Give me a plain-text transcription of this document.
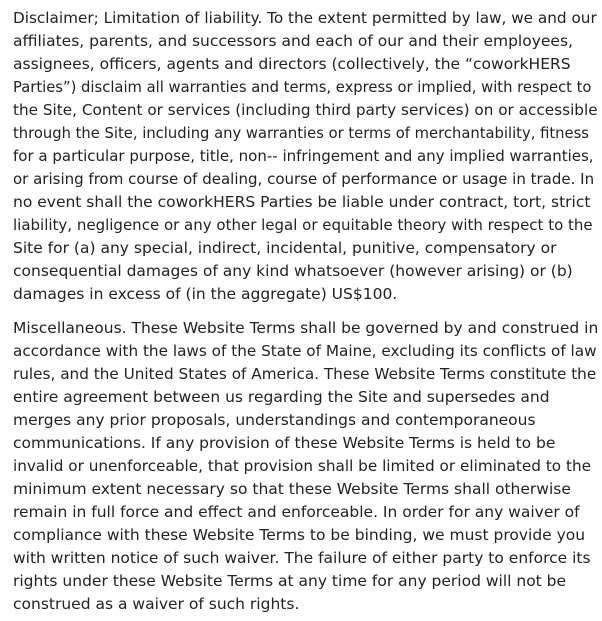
Disclaimer; Limitation of liability. To the extent permitted by law, we and our
affiliates, parents, and successors and each of our and their employees,
assignees, officers, agents and directors (collectively, the “coworkHERS
Parties”) disclaim all warranties and terms, express or implied, with respect to
the Site, Content or services (including third party services) on or accessible
through the Site, including any warranties or terms of merchantability, fitness
for a particular purpose, title, non-- infringement and any implied warranties,
or arising from course of dealing, course of performance or usage in trade. In
no event shall the coworkHERS Parties be liable under contract, tort, strict
liability, negligence or any other legal or equitable theory with respect to the
Site for (a) any special, indirect, incidental, punitive, compensatory or
consequential damages of any kind whatsoever (however arising) or (b)
damages in excess of (in the aggregate) US$100.

Miscellaneous. These Website Terms shall be governed by and construed in
accordance with the laws of the State of Maine, excluding its conflicts of law
rules, and the United States of America. These Website Terms constitute the
entire agreement between us regarding the Site and supersedes and
merges any prior proposals, understandings and contemporaneous
communications. If any provision of these Website Terms is held to be
invalid or unenforceable, that provision shall be limited or eliminated to the
minimum extent necessary so that these Website Terms shall otherwise
remain in full force and effect and enforceable. In order for any waiver of
compliance with these Website Terms to be binding, we must provide you
with written notice of such waiver. The failure of either party to enforce its
rights under these Website Terms at any time for any period will not be
construed as a waiver of such rights.
